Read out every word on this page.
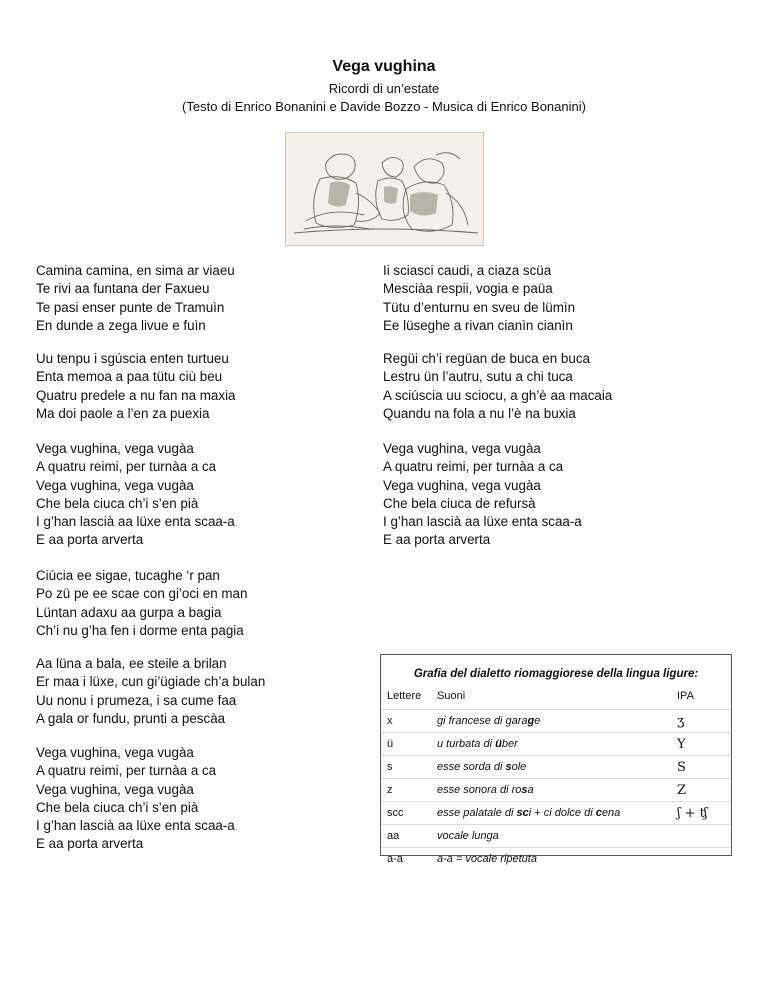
Vega vughina
Ricordi di un’estate
(Testo di Enrico Bonanini e Davide Bozzo - Musica di Enrico Bonanini)
Camina camina, en sima ar viaeu
Te rivi aa funtana der Faxueu
Te pasi enser punte de Tramuìn
En dunde a zega livue e fuìn
Uu tenpu i sgúscia enten turtueu
Enta memoa a paa tütu ciù beu
Quatru predele a nu fan na maxia
Ma doi paole a l’en za puexia
Vega vughina, vega vugàa
A quatru reimi, per turnàa a ca
Vega vughina, vega vugàa
Che bela ciuca ch’i s’en pià
I g’han lascià aa lüxe enta scaa-a
E aa porta arverta
Ciúcia ee sigae, tucaghe ‘r pan
Po zü pe ee scae con gi’oci en man
Lüntan adaxu aa gurpa a bagia
Ch’i nu g’ha fen i dorme enta pagia
Aa lüna a bala, ee steile a brilan
Er maa i lüxe, cun gi’ügiade ch’a bulan
Uu nonu i prumeza, i sa cume faa
A gala or fundu, prunti a pescàa
Vega vughina, vega vugàa
A quatru reimi, per turnàa a ca
Vega vughina, vega vugàa
Che bela ciuca ch’i s’en pià
I g’han lascià aa lüxe enta scaa-a
E aa porta arverta
Ii sciasci caudi, a ciaza scüa
Mesciàa respii, vogia e paüa
Tütu d’enturnu en sveu de lümìn
Ee lüseghe a rivan cianìn cianìn
Regüi ch’i regüan de buca en buca
Lestru ün l’autru, sutu a chi tuca
A sciúscia uu sciocu, a gh’è aa macaia
Quandu na fola a nu l’è na buxia
Vega vughina, vega vugàa
A quatru reimi, per turnàa a ca
Vega vughina, vega vugàa
Che bela ciuca de refursà
I g’han lascià aa lüxe enta scaa-a
E aa porta arverta
Grafia del dialetto riomaggiorese della lingua ligure:
Lettere	Suoni	IPA
x	gi francese di garage	ʒ
ü	u turbata di über	Y
s	esse sorda di sole	S
z	esse sonora di rosa	Z
scc	esse palatale di sci + ci dolce di cena	ʃ + ʧ
aa	vocale lunga	
a-a	a-a = vocale ripetuta	
